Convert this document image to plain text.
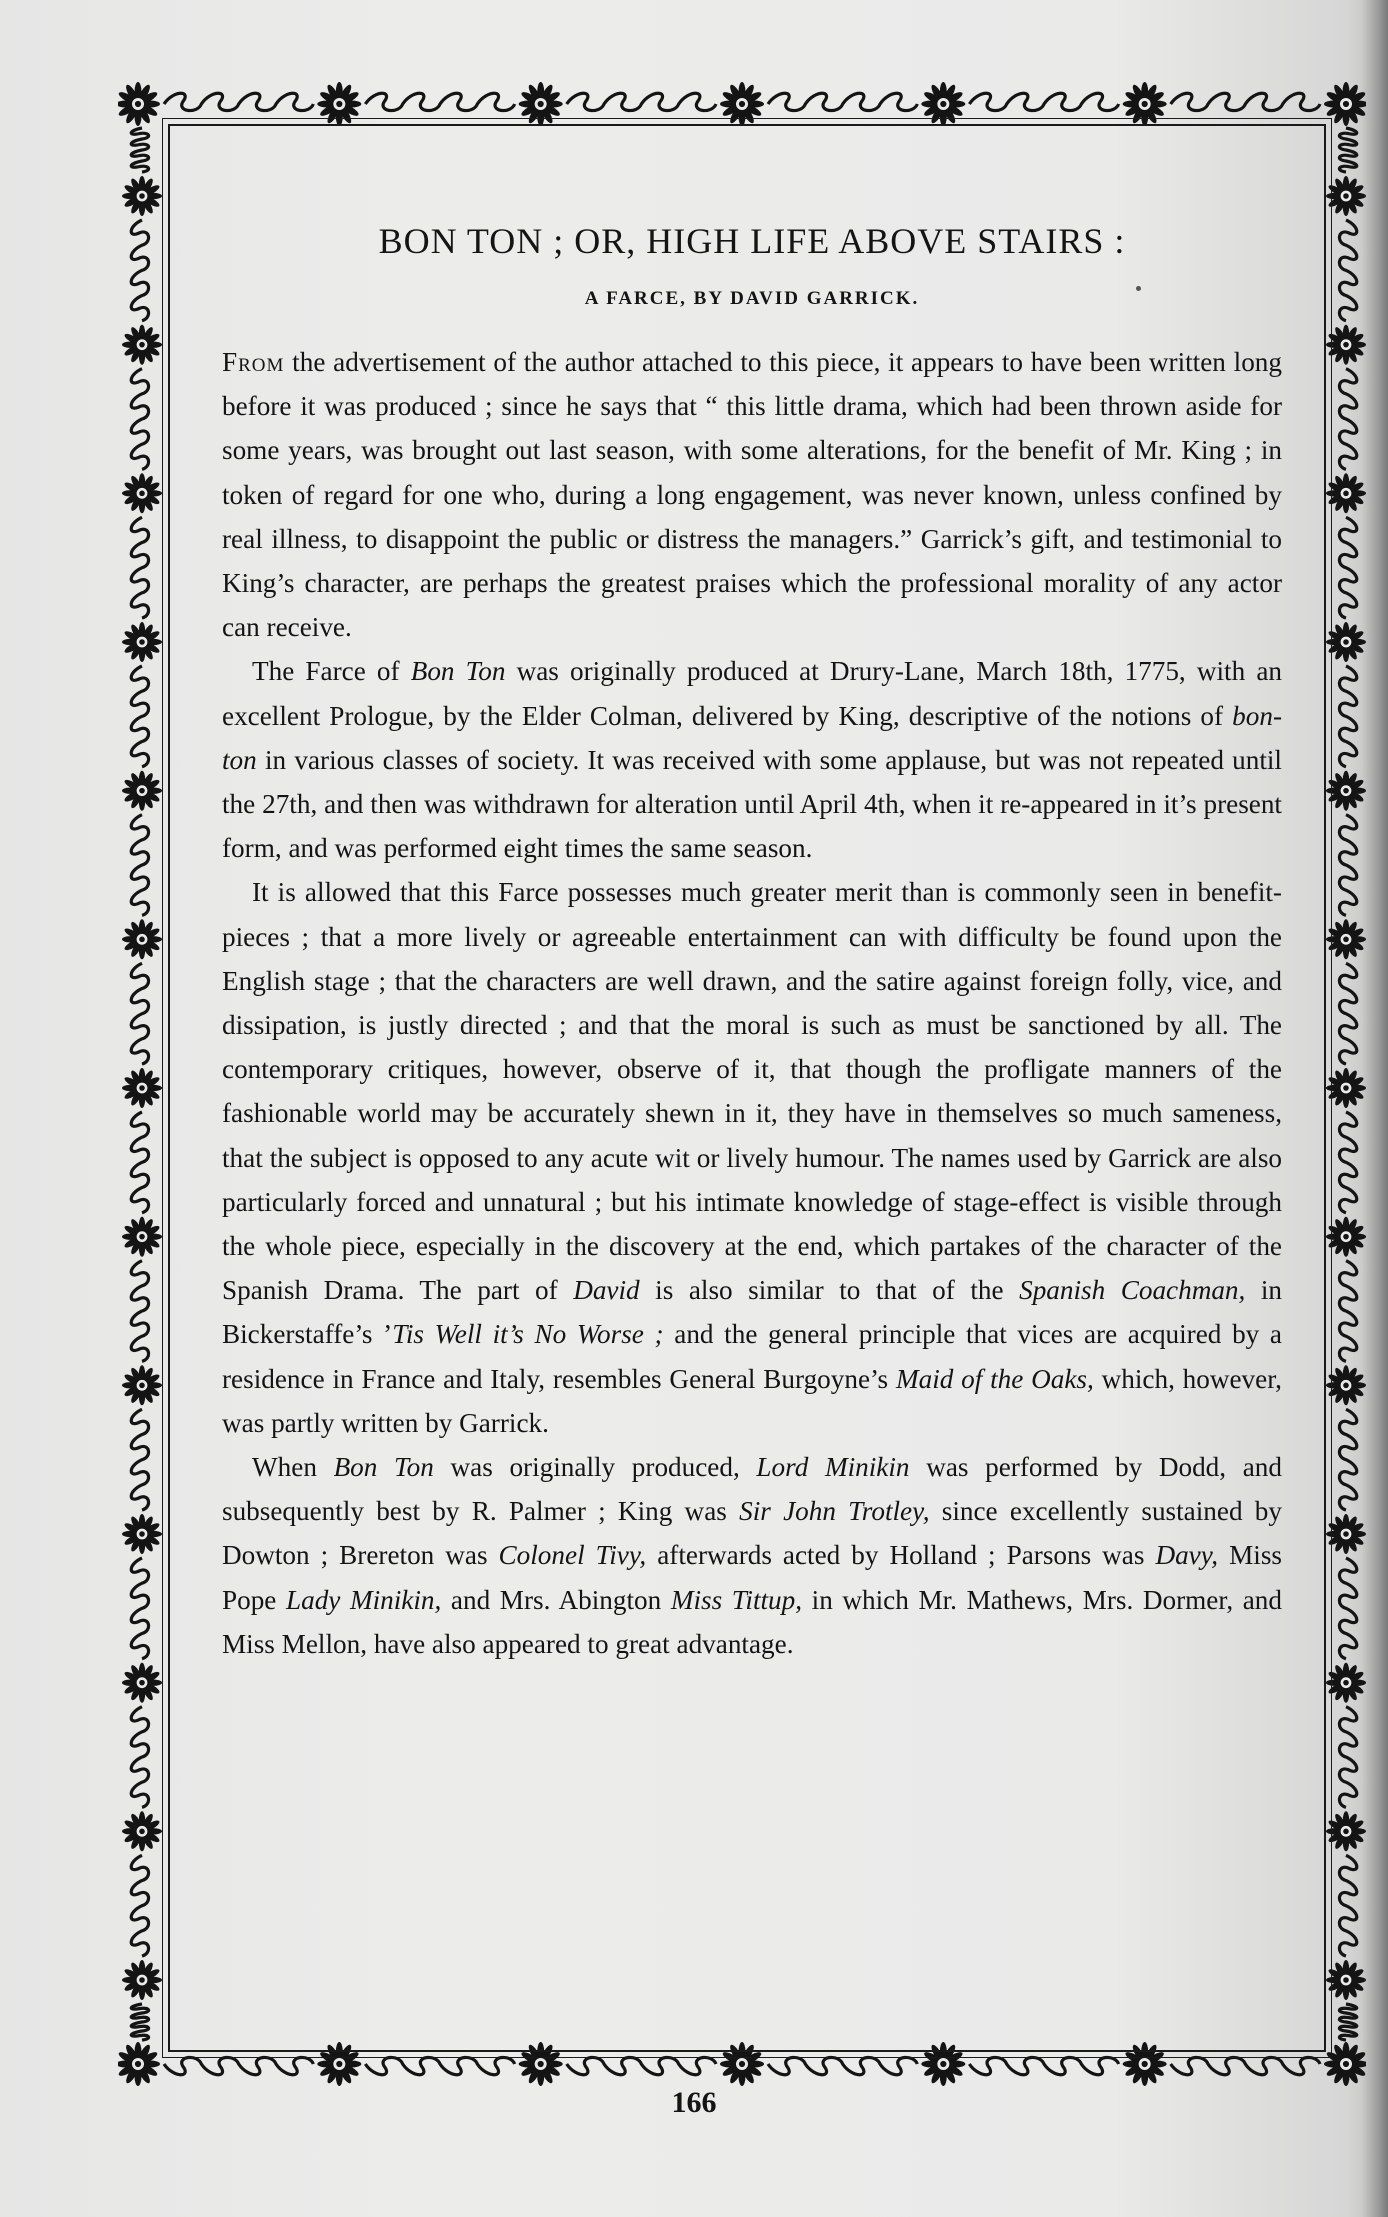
BON TON ; OR, HIGH LIFE ABOVE STAIRS :
A FARCE, BY DAVID GARRICK.

From the advertisement of the author attached to this piece, it appears to have been written long before it was produced ; since he says that “ this little drama, which had been thrown aside for some years, was brought out last season, with some alterations, for the benefit of Mr. King ; in token of regard for one who, during a long engagement, was never known, unless confined by real illness, to disappoint the public or distress the managers.” Garrick’s gift, and testimonial to King’s character, are perhaps the greatest praises which the professional morality of any actor can receive.

The Farce of Bon Ton was originally produced at Drury-Lane, March 18th, 1775, with an excellent Prologue, by the Elder Colman, delivered by King, descriptive of the notions of bon-ton in various classes of society. It was received with some applause, but was not repeated until the 27th, and then was withdrawn for alteration until April 4th, when it re-appeared in it’s present form, and was performed eight times the same season.

It is allowed that this Farce possesses much greater merit than is commonly seen in benefit-pieces ; that a more lively or agreeable entertainment can with difficulty be found upon the English stage ; that the characters are well drawn, and the satire against foreign folly, vice, and dissipation, is justly directed ; and that the moral is such as must be sanctioned by all. The contemporary critiques, however, observe of it, that though the profligate manners of the fashionable world may be accurately shewn in it, they have in themselves so much sameness, that the subject is opposed to any acute wit or lively humour. The names used by Garrick are also particularly forced and unnatural ; but his intimate knowledge of stage-effect is visible through the whole piece, especially in the discovery at the end, which partakes of the character of the Spanish Drama. The part of David is also similar to that of the Spanish Coachman, in Bickerstaffe’s ’Tis Well it’s No Worse ; and the general principle that vices are acquired by a residence in France and Italy, resembles General Burgoyne’s Maid of the Oaks, which, however, was partly written by Garrick.

When Bon Ton was originally produced, Lord Minikin was performed by Dodd, and subsequently best by R. Palmer ; King was Sir John Trotley, since excellently sustained by Dowton ; Brereton was Colonel Tivy, afterwards acted by Holland ; Parsons was Davy, Miss Pope Lady Minikin, and Mrs. Abington Miss Tittup, in which Mr. Mathews, Mrs. Dormer, and Miss Mellon, have also appeared to great advantage.

166
